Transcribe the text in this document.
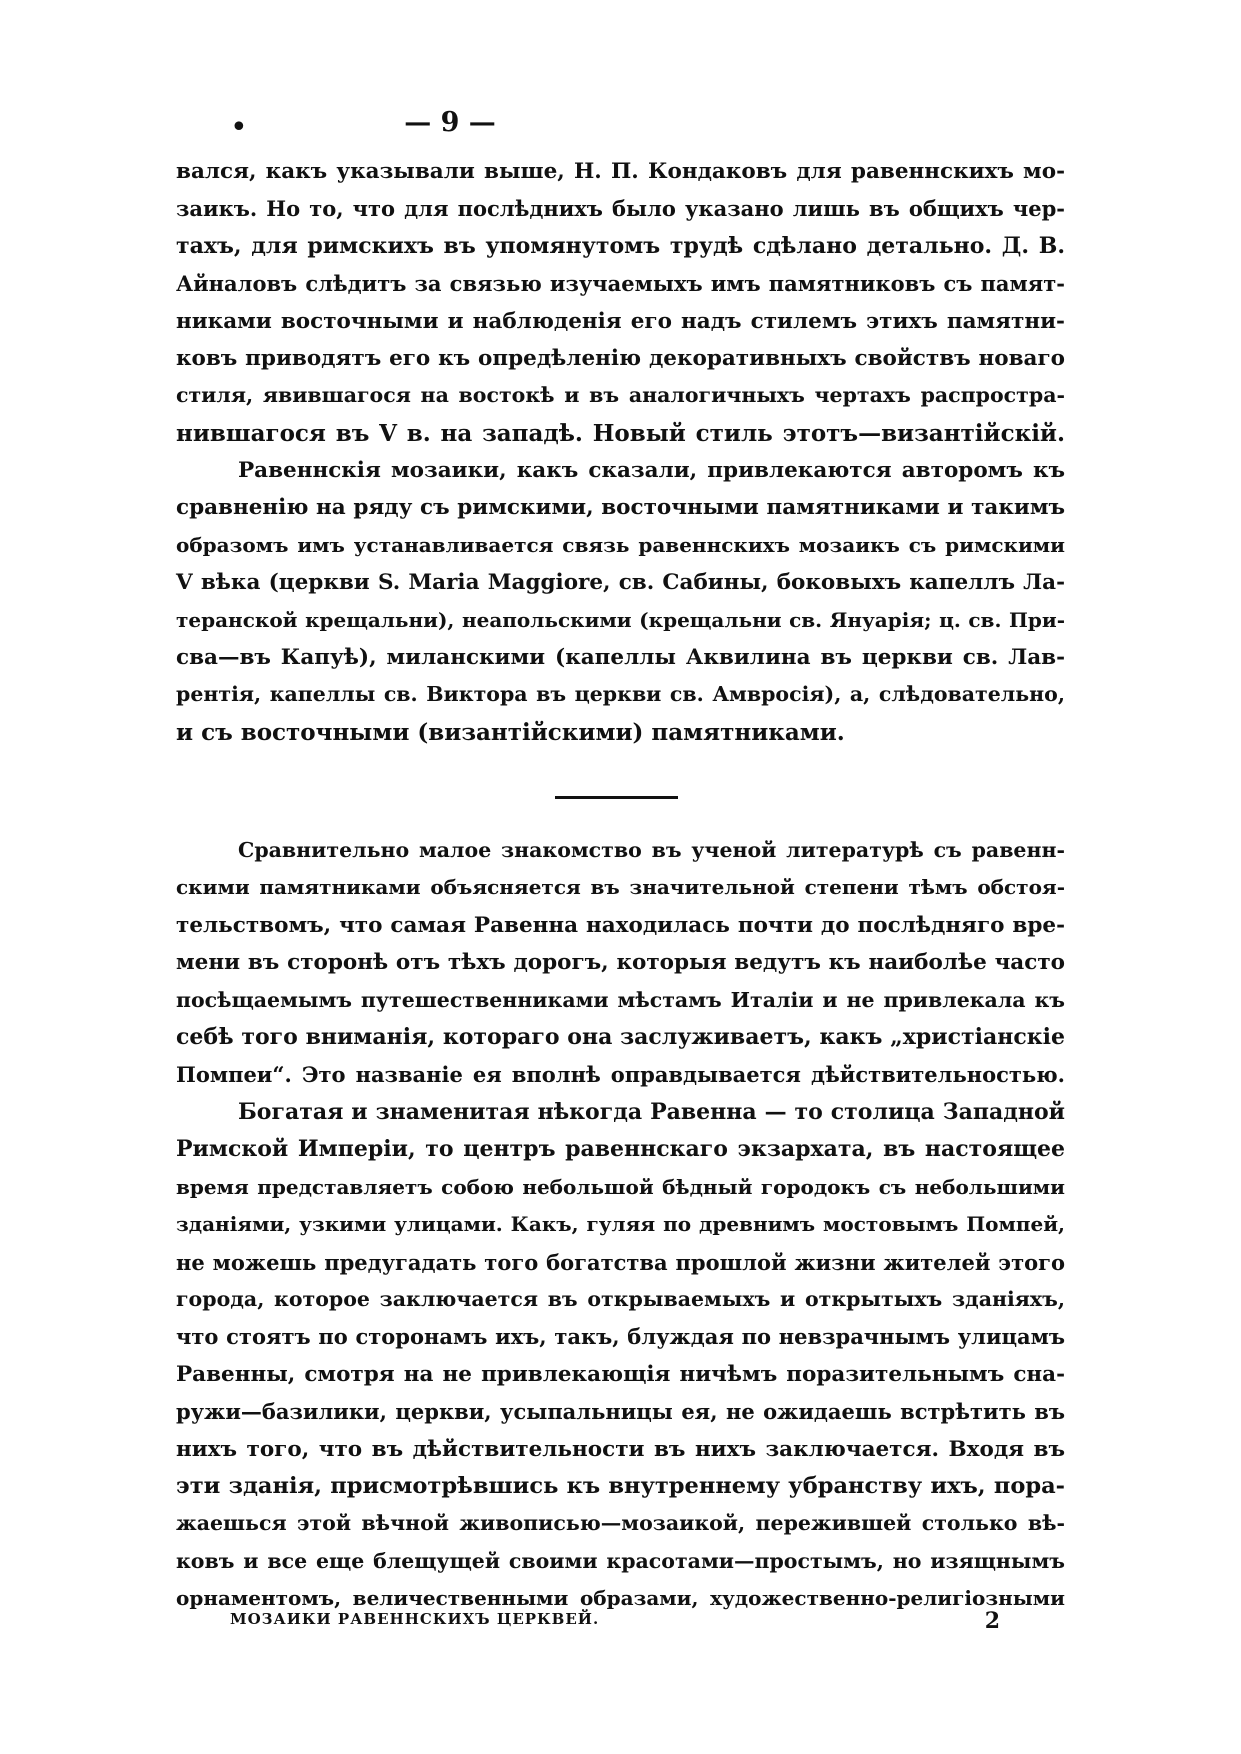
•	— 9 —
вался, какъ указывали выше, Н. П. Кондаковъ для равеннскихъ мо-
заикъ. Но то, что для послѣднихъ было указано лишь въ общихъ чер-
тахъ, для римскихъ въ упомянутомъ трудѣ сдѣлано детально. Д. В.
Айналовъ слѣдитъ за связью изучаемыхъ имъ памятниковъ съ памят-
никами восточными и наблюденія его надъ стилемъ этихъ памятни-
ковъ приводятъ его къ опредѣленію декоративныхъ свойствъ новаго
стиля, явившагося на востокѣ и въ аналогичныхъ чертахъ распростра-
нившагося въ V в. на западѣ. Новый стиль этотъ—византійскій.
Равеннскія мозаики, какъ сказали, привлекаются авторомъ къ
сравненію на ряду съ римскими, восточными памятниками и такимъ
образомъ имъ устанавливается связь равеннскихъ мозаикъ съ римскими
V вѣка (церкви S. Maria Maggiore, св. Сабины, боковыхъ капеллъ Ла-
теранской крещальни), неапольскими (крещальни св. Януарія; ц. св. При-
сва—въ Капуѣ), миланскими (капеллы Аквилина въ церкви св. Лав-
рентія, капеллы св. Виктора въ церкви св. Амвросія), а, слѣдовательно,
и съ восточными (византійскими) памятниками.
Сравнительно малое знакомство въ ученой литературѣ съ равенн-
скими памятниками объясняется въ значительной степени тѣмъ обстоя-
тельствомъ, что самая Равенна находилась почти до послѣдняго вре-
мени въ сторонѣ отъ тѣхъ дорогъ, которыя ведутъ къ наиболѣе часто
посѣщаемымъ путешественниками мѣстамъ Италіи и не привлекала къ
себѣ того вниманія, котораго она заслуживаетъ, какъ „христіанскіе
Помпеи“. Это названіе ея вполнѣ оправдывается дѣйствительностью.
Богатая и знаменитая нѣкогда Равенна — то столица Западной
Римской Имперіи, то центръ равеннскаго экзархата, въ настоящее
время представляетъ собою небольшой бѣдный городокъ съ небольшими
зданіями, узкими улицами. Какъ, гуляя по древнимъ мостовымъ Помпей,
не можешь предугадать того богатства прошлой жизни жителей этого
города, которое заключается въ открываемыхъ и открытыхъ зданіяхъ,
что стоятъ по сторонамъ ихъ, такъ, блуждая по невзрачнымъ улицамъ
Равенны, смотря на не привлекающія ничѣмъ поразительнымъ сна-
ружи—базилики, церкви, усыпальницы ея, не ожидаешь встрѣтить въ
нихъ того, что въ дѣйствительности въ нихъ заключается. Входя въ
эти зданія, присмотрѣвшись къ внутреннему убранству ихъ, пора-
жаешься этой вѣчной живописью—мозаикой, пережившей столько вѣ-
ковъ и все еще блещущей своими красотами—простымъ, но изящнымъ
орнаментомъ, величественными образами, художественно-религіозными
МОЗАИКИ РАВЕННСКИХЪ ЦЕРКВЕЙ.	2
